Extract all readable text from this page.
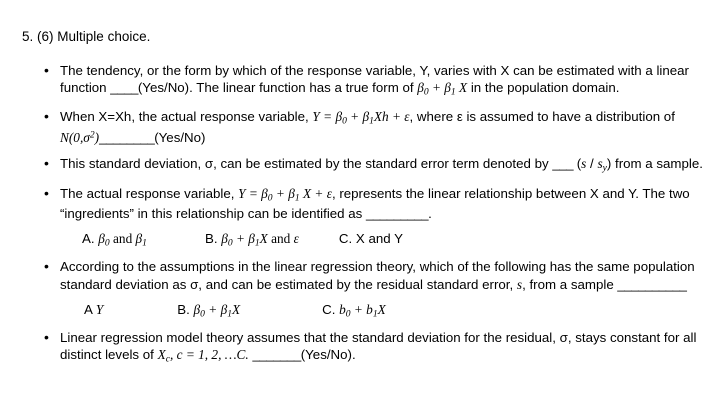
5. (6) Multiple choice.
• The tendency, or the form by which of the response variable, Y, varies with X can be estimated with a linear function ____(Yes/No). The linear function has a true form of $\beta_0 + \beta_1$ X in the population domain.
• When X=Xh, the actual response variable, $Y = \beta_0 + \beta_1Xh + \varepsilon$, where ε is assumed to have a distribution of $N(0,\sigma^2)\_\_\_\_\_\_\_\_(Yes/No)$
• This standard deviation, σ, can be estimated by the standard error term denoted by ___ $(s / s_y)$ from a sample.
• The actual response variable, $Y = \beta_0 + \beta_1$ X + ε, represents the linear relationship between X and Y. The two “ingredients” in this relationship can be identified as _________.
A. $\beta_0$ and $\beta_1$	B. $\beta_0 + \beta_1X$ and ε	C. X and Y
• According to the assumptions in the linear regression theory, which of the following has the same population standard deviation as σ, and can be estimated by the residual standard error, s, from a sample __________
A Y	B. $\beta_0 + \beta_1X$	C. $b_0 + b_1X$
• Linear regression model theory assumes that the standard deviation for the residual, σ, stays constant for all distinct levels of $X_c$, c = 1, 2, …C. _______(Yes/No).
